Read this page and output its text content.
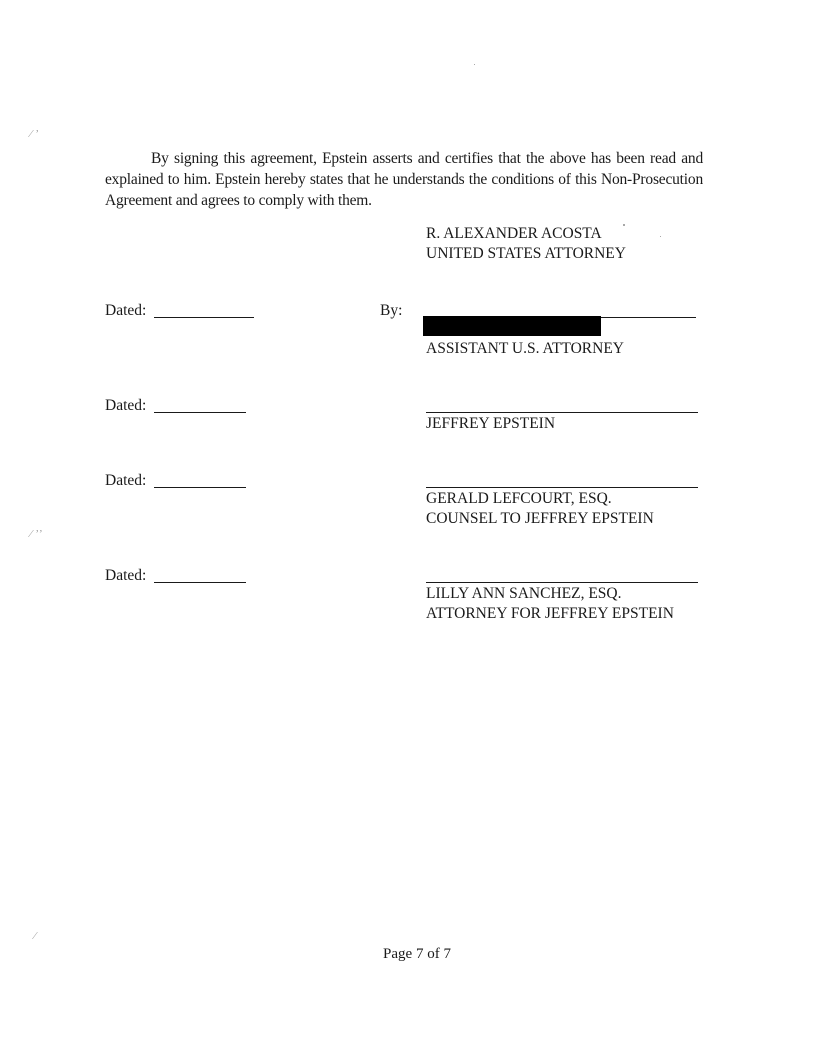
⁄ ʼ
⁄ ʼʼ
⁄

By signing this agreement, Epstein asserts and certifies that the above has been read and explained to him. Epstein hereby states that he understands the conditions of this Non-Prosecution Agreement and agrees to comply with them.

R. ALEXANDER ACOSTA
UNITED STATES ATTORNEY
Dated:	By:
ASSISTANT U.S. ATTORNEY
Dated:
JEFFREY EPSTEIN
Dated:
GERALD LEFCOURT, ESQ.
COUNSEL TO JEFFREY EPSTEIN
Dated:
LILLY ANN SANCHEZ, ESQ.
ATTORNEY FOR JEFFREY EPSTEIN
Page 7 of 7
